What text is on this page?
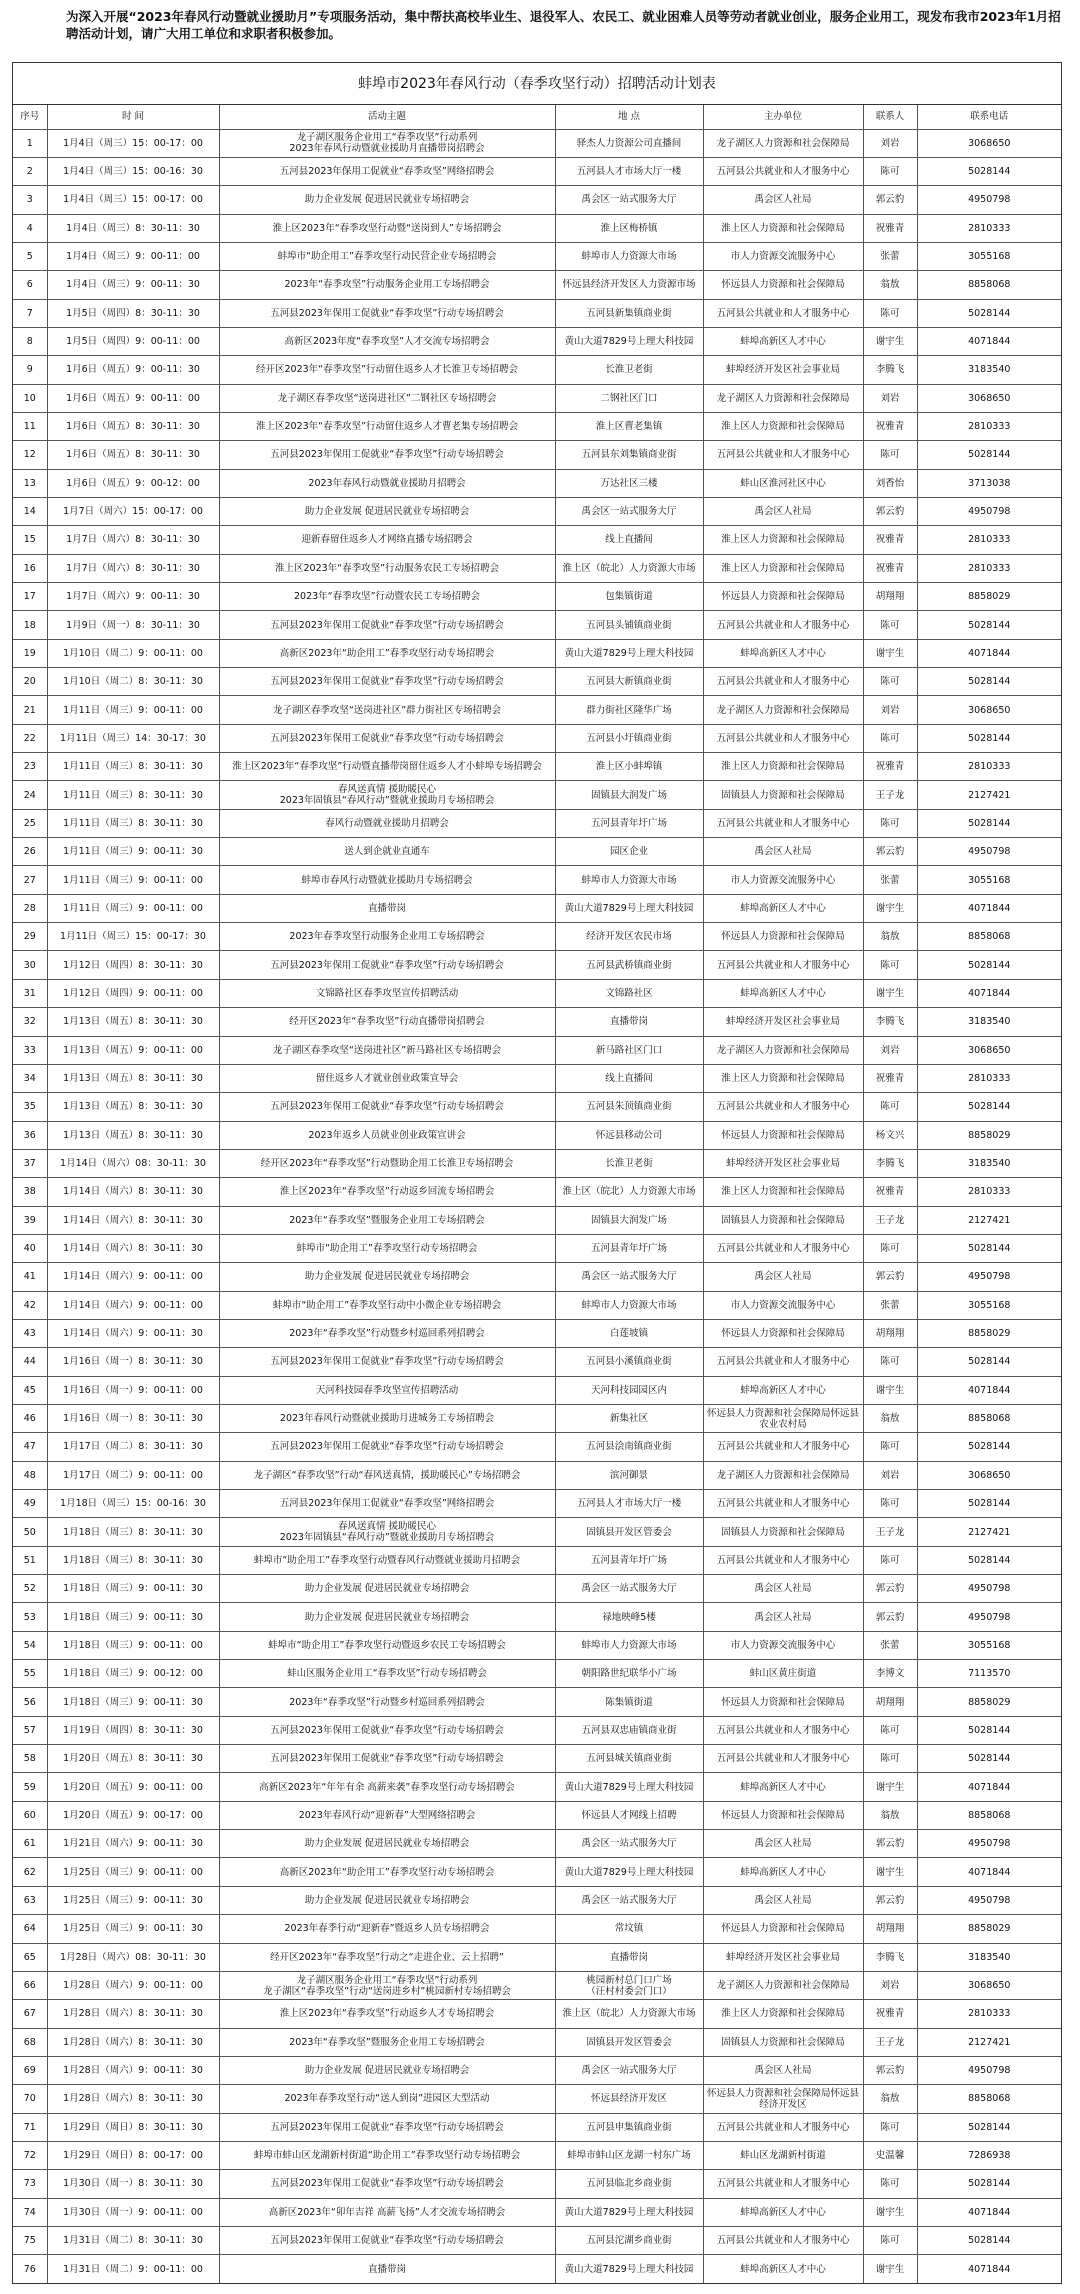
为深入开展“2023年春风行动暨就业援助月”专项服务活动，集中帮扶高校毕业生、退役军人、农民工、就业困难人员等劳动者就业创业，服务企业用工，现发布我市2023年1月招聘活动计划，请广大用工单位和求职者积极参加。
蚌埠市2023年春风行动（春季攻坚行动）招聘活动计划表
序号	时 间	活动主题	地 点	主办单位	联系人	联系电话

1	1月4日（周三）15：00-17：00	龙子湖区服务企业用工“春季攻坚”行动系列
2023年春风行动暨就业援助月直播带岗招聘会	驿杰人力资源公司直播间	龙子湖区人力资源和社会保障局	刘岩	3068650

2	1月4日（周三）15：00-16：30	五河县2023年保用工促就业“春季攻坚”网络招聘会	五河县人才市场大厅一楼	五河县公共就业和人才服务中心	陈可	5028144

3	1月4日（周三）15：00-17：00	助力企业发展 促进居民就业专场招聘会	禹会区一站式服务大厅	禹会区人社局	郭云豹	4950798

4	1月4日（周三）8：30-11：30	淮上区2023年“春季攻坚行动暨“送岗到人”专场招聘会	淮上区梅桥镇	淮上区人力资源和社会保障局	祝雅青	2810333

5	1月4日（周三）9：00-11：00	蚌埠市“助企用工”春季攻坚行动民营企业专场招聘会	蚌埠市人力资源大市场	市人力资源交流服务中心	张蕾	3055168

6	1月4日（周三）9：00-11：30	2023年“春季攻坚”行动服务企业用工专场招聘会	怀远县经济开发区人力资源市场	怀远县人力资源和社会保障局	翁敖	8858068

7	1月5日（周四）8：30-11：30	五河县2023年保用工促就业“春季攻坚”行动专场招聘会	五河县新集镇商业街	五河县公共就业和人才服务中心	陈可	5028144

8	1月5日（周四）9：00-11：00	高新区2023年度“春季攻坚”人才交流专场招聘会	黄山大道7829号上理大科技园	蚌埠高新区人才中心	谢宇生	4071844

9	1月6日（周五）9：00-11：30	经开区2023年“春季攻坚”行动留住返乡人才长淮卫专场招聘会	长淮卫老街	蚌埠经济开发区社会事业局	李腾飞	3183540

10	1月6日（周五）9：00-11：00	龙子湖区春季攻坚“送岗进社区”二钢社区专场招聘会	二钢社区门口	龙子湖区人力资源和社会保障局	刘岩	3068650

11	1月6日（周五）8：30-11：30	淮上区2023年“春季攻坚”行动留住返乡人才曹老集专场招聘会	淮上区曹老集镇	淮上区人力资源和社会保障局	祝雅青	2810333

12	1月6日（周五）8：30-11：30	五河县2023年保用工促就业“春季攻坚”行动专场招聘会	五河县东刘集镇商业街	五河县公共就业和人才服务中心	陈可	5028144

13	1月6日（周五）9：00-12：00	2023年春风行动暨就业援助月招聘会	万达社区三楼	蚌山区淮河社区中心	刘香怡	3713038

14	1月7日（周六）15：00-17：00	助力企业发展 促进居民就业专场招聘会	禹会区一站式服务大厅	禹会区人社局	郭云豹	4950798

15	1月7日（周六）8：30-11：30	迎新春留住返乡人才网络直播专场招聘会	线上直播间	淮上区人力资源和社会保障局	祝雅青	2810333

16	1月7日（周六）8：30-11：30	淮上区2023年“春季攻坚”行动服务农民工专场招聘会	淮上区（皖北）人力资源大市场	淮上区人力资源和社会保障局	祝雅青	2810333

17	1月7日（周六）9：00-11：30	2023年“春季攻坚”行动暨农民工专场招聘会	包集镇街道	怀远县人力资源和社会保障局	胡翔翔	8858029

18	1月9日（周一）8：30-11：30	五河县2023年保用工促就业“春季攻坚”行动专场招聘会	五河县头铺镇商业街	五河县公共就业和人才服务中心	陈可	5028144

19	1月10日（周二）9：00-11：00	高新区2023年“助企用工”春季攻坚行动专场招聘会	黄山大道7829号上理大科技园	蚌埠高新区人才中心	谢宇生	4071844

20	1月10日（周二）8：30-11：30	五河县2023年保用工促就业“春季攻坚”行动专场招聘会	五河县大新镇商业街	五河县公共就业和人才服务中心	陈可	5028144

21	1月11日（周三）9：00-11：00	龙子湖区春季攻坚“送岗进社区”群力街社区专场招聘会	群力街社区隆华广场	龙子湖区人力资源和社会保障局	刘岩	3068650

22	1月11日（周三）14：30-17：30	五河县2023年保用工促就业“春季攻坚”行动专场招聘会	五河县小圩镇商业街	五河县公共就业和人才服务中心	陈可	5028144

23	1月11日（周三）8：30-11：30	淮上区2023年“春季攻坚”行动暨直播带岗留住返乡人才小蚌埠专场招聘会	淮上区小蚌埠镇	淮上区人力资源和社会保障局	祝雅青	2810333

24	1月11日（周三）8：30-11：30	春风送真情 援助暖民心
2023年固镇县“春风行动”暨就业援助月专场招聘会	固镇县大润发广场	固镇县人力资源和社会保障局	王子龙	2127421

25	1月11日（周三）8：30-11：30	春风行动暨就业援助月招聘会	五河县青年圩广场	五河县公共就业和人才服务中心	陈可	5028144

26	1月11日（周三）9：00-11：30	送人到企就业直通车	园区企业	禹会区人社局	郭云豹	4950798

27	1月11日（周三）9：00-11：00	蚌埠市春风行动暨就业援助月专场招聘会	蚌埠市人力资源大市场	市人力资源交流服务中心	张蕾	3055168

28	1月11日（周三）9：00-11：00	直播带岗	黄山大道7829号上理大科技园	蚌埠高新区人才中心	谢宇生	4071844

29	1月11日（周三）15：00-17：30	2023年春季攻坚行动服务企业用工专场招聘会	经济开发区农民市场	怀远县人力资源和社会保障局	翁敖	8858068

30	1月12日（周四）8：30-11：30	五河县2023年保用工促就业“春季攻坚”行动专场招聘会	五河县武桥镇商业街	五河县公共就业和人才服务中心	陈可	5028144

31	1月12日（周四）9：00-11：00	文锦路社区春季攻坚宣传招聘活动	文锦路社区	蚌埠高新区人才中心	谢宇生	4071844

32	1月13日（周五）8：30-11：30	经开区2023年“春季攻坚”行动直播带岗招聘会	直播带岗	蚌埠经济开发区社会事业局	李腾飞	3183540

33	1月13日（周五）9：00-11：00	龙子湖区春季攻坚“送岗进社区”新马路社区专场招聘会	新马路社区门口	龙子湖区人力资源和社会保障局	刘岩	3068650

34	1月13日（周五）8：30-11：30	留住返乡人才就业创业政策宣导会	线上直播间	淮上区人力资源和社会保障局	祝雅青	2810333

35	1月13日（周五）8：30-11：30	五河县2023年保用工促就业“春季攻坚”行动专场招聘会	五河县朱顶镇商业街	五河县公共就业和人才服务中心	陈可	5028144

36	1月13日（周五）8：30-11：30	2023年返乡人员就业创业政策宣讲会	怀远县移动公司	怀远县人力资源和社会保障局	杨文兴	8858029

37	1月14日（周六）08：30-11：30	经开区2023年“春季攻坚”行动暨助企用工长淮卫专场招聘会	长淮卫老街	蚌埠经济开发区社会事业局	李腾飞	3183540

38	1月14日（周六）8：30-11：30	淮上区2023年“春季攻坚”行动返乡回流专场招聘会	淮上区（皖北）人力资源大市场	淮上区人力资源和社会保障局	祝雅青	2810333

39	1月14日（周六）8：30-11：30	2023年“春季攻坚”暨服务企业用工专场招聘会	固镇县大润发广场	固镇县人力资源和社会保障局	王子龙	2127421

40	1月14日（周六）8：30-11：30	蚌埠市“助企用工”春季攻坚行动专场招聘会	五河县青年圩广场	五河县公共就业和人才服务中心	陈可	5028144

41	1月14日（周六）9：00-11：00	助力企业发展 促进居民就业专场招聘会	禹会区一站式服务大厅	禹会区人社局	郭云豹	4950798

42	1月14日（周六）9：00-11：00	蚌埠市“助企用工”春季攻坚行动中小微企业专场招聘会	蚌埠市人力资源大市场	市人力资源交流服务中心	张蕾	3055168

43	1月14日（周六）9：00-11：30	2023年“春季攻坚”行动暨乡村巡回系列招聘会	白莲坡镇	怀远县人力资源和社会保障局	胡翔翔	8858029

44	1月16日（周一）8：30-11：30	五河县2023年保用工促就业“春季攻坚”行动专场招聘会	五河县小溪镇商业街	五河县公共就业和人才服务中心	陈可	5028144

45	1月16日（周一）9：00-11：00	天河科技园春季攻坚宣传招聘活动	天河科技园园区内	蚌埠高新区人才中心	谢宇生	4071844

46	1月16日（周一）8：30-11：30	2023年春风行动暨就业援助月进城务工专场招聘会	新集社区	怀远县人力资源和社会保障局怀远县农业农村局	翁敖	8858068

47	1月17日（周二）8：30-11：30	五河县2023年保用工促就业“春季攻坚”行动专场招聘会	五河县浍南镇商业街	五河县公共就业和人才服务中心	陈可	5028144

48	1月17日（周二）9：00-11：00	龙子湖区“春季攻坚”行动“春风送真情，援助暖民心”专场招聘会	滨河御景	龙子湖区人力资源和社会保障局	刘岩	3068650

49	1月18日（周三）15：00-16：30	五河县2023年保用工促就业“春季攻坚”网络招聘会	五河县人才市场大厅一楼	五河县公共就业和人才服务中心	陈可	5028144

50	1月18日（周三）8：30-11：30	春风送真情 援助暖民心
2023年固镇县“春风行动”暨就业援助月专场招聘会	固镇县开发区管委会	固镇县人力资源和社会保障局	王子龙	2127421

51	1月18日（周三）8：30-11：30	蚌埠市“助企用工”春季攻坚行动暨春风行动暨就业援助月招聘会	五河县青年圩广场	五河县公共就业和人才服务中心	陈可	5028144

52	1月18日（周三）9：00-11：30	助力企业发展 促进居民就业专场招聘会	禹会区一站式服务大厅	禹会区人社局	郭云豹	4950798

53	1月18日（周三）9：00-11：30	助力企业发展 促进居民就业专场招聘会	禄地映峰5楼	禹会区人社局	郭云豹	4950798

54	1月18日（周三）9：00-11：00	蚌埠市“助企用工”春季攻坚行动暨返乡农民工专场招聘会	蚌埠市人力资源大市场	市人力资源交流服务中心	张蕾	3055168

55	1月18日（周三）9：00-12：00	蚌山区服务企业用工“春季攻坚”行动专场招聘会	朝阳路世纪联华小广场	蚌山区黄庄街道	李博文	7113570

56	1月18日（周三）9：00-11：30	2023年“春季攻坚”行动暨乡村巡回系列招聘会	陈集镇街道	怀远县人力资源和社会保障局	胡翔翔	8858029

57	1月19日（周四）8：30-11：30	五河县2023年保用工促就业“春季攻坚”行动专场招聘会	五河县双忠庙镇商业街	五河县公共就业和人才服务中心	陈可	5028144

58	1月20日（周五）8：30-11：30	五河县2023年保用工促就业“春季攻坚”行动专场招聘会	五河县城关镇商业街	五河县公共就业和人才服务中心	陈可	5028144

59	1月20日（周五）9：00-11：00	高新区2023年“年年有余 高薪来袭”春季攻坚行动专场招聘会	黄山大道7829号上理大科技园	蚌埠高新区人才中心	谢宇生	4071844

60	1月20日（周五）9：00-17：00	2023年春风行动“迎新春”大型网络招聘会	怀远县人才网线上招聘	怀远县人力资源和社会保障局	翁敖	8858068

61	1月21日（周六）9：00-11：30	助力企业发展 促进居民就业专场招聘会	禹会区一站式服务大厅	禹会区人社局	郭云豹	4950798

62	1月25日（周三）9：00-11：00	高新区2023年“助企用工”春季攻坚行动专场招聘会	黄山大道7829号上理大科技园	蚌埠高新区人才中心	谢宇生	4071844

63	1月25日（周三）9：00-11：30	助力企业发展 促进居民就业专场招聘会	禹会区一站式服务大厅	禹会区人社局	郭云豹	4950798

64	1月25日（周三）9：00-11：30	2023年春季行动“迎新春”暨返乡人员专场招聘会	常坟镇	怀远县人力资源和社会保障局	胡翔翔	8858029

65	1月28日（周六）08：30-11：30	经开区2023年“春季攻坚”行动之“走进企业、云上招聘”	直播带岗	蚌埠经济开发区社会事业局	李腾飞	3183540

66	1月28日（周六）9：00-11：00	龙子湖区服务企业用工“春季攻坚”行动系列
龙子湖区“春季攻坚”行动“送岗进乡村”桃园新村专场招聘会	桃园新村总门口广场
（汪村村委会门口）	龙子湖区人力资源和社会保障局	刘岩	3068650

67	1月28日（周六）8：30-11：30	淮上区2023年“春季攻坚”行动返乡人才专场招聘会	淮上区（皖北）人力资源大市场	淮上区人力资源和社会保障局	祝雅青	2810333

68	1月28日（周六）8：30-11：30	2023年“春季攻坚”暨服务企业用工专场招聘会	固镇县开发区管委会	固镇县人力资源和社会保障局	王子龙	2127421

69	1月28日（周六）9：00-11：30	助力企业发展 促进居民就业专场招聘会	禹会区一站式服务大厅	禹会区人社局	郭云豹	4950798

70	1月28日（周六）8：30-11：30	2023年春季攻坚行动“送人到岗”进园区大型活动	怀远县经济开发区	怀远县人力资源和社会保障局怀远县经济开发区	翁敖	8858068

71	1月29日（周日）8：30-11：30	五河县2023年保用工促就业“春季攻坚”行动专场招聘会	五河县申集镇商业街	五河县公共就业和人才服务中心	陈可	5028144

72	1月29日（周日）8：00-17：00	蚌埠市蚌山区龙湖新村街道“助企用工”春季攻坚行动专场招聘会	蚌埠市蚌山区龙湖一村东广场	蚌山区龙湖新村街道	史温馨	7286938

73	1月30日（周一）8：30-11：30	五河县2023年保用工促就业“春季攻坚”行动专场招聘会	五河县临北乡商业街	五河县公共就业和人才服务中心	陈可	5028144

74	1月30日（周一）9：00-11：00	高新区2023年“卯年吉祥 高薪飞扬”人才交流专场招聘会	黄山大道7829号上理大科技园	蚌埠高新区人才中心	谢宇生	4071844

75	1月31日（周二）8：30-11：30	五河县2023年保用工促就业“春季攻坚”行动专场招聘会	五河县沱湖乡商业街	五河县公共就业和人才服务中心	陈可	5028144

76	1月31日（周二）9：00-11：00	直播带岗	黄山大道7829号上理大科技园	蚌埠高新区人才中心	谢宇生	4071844
